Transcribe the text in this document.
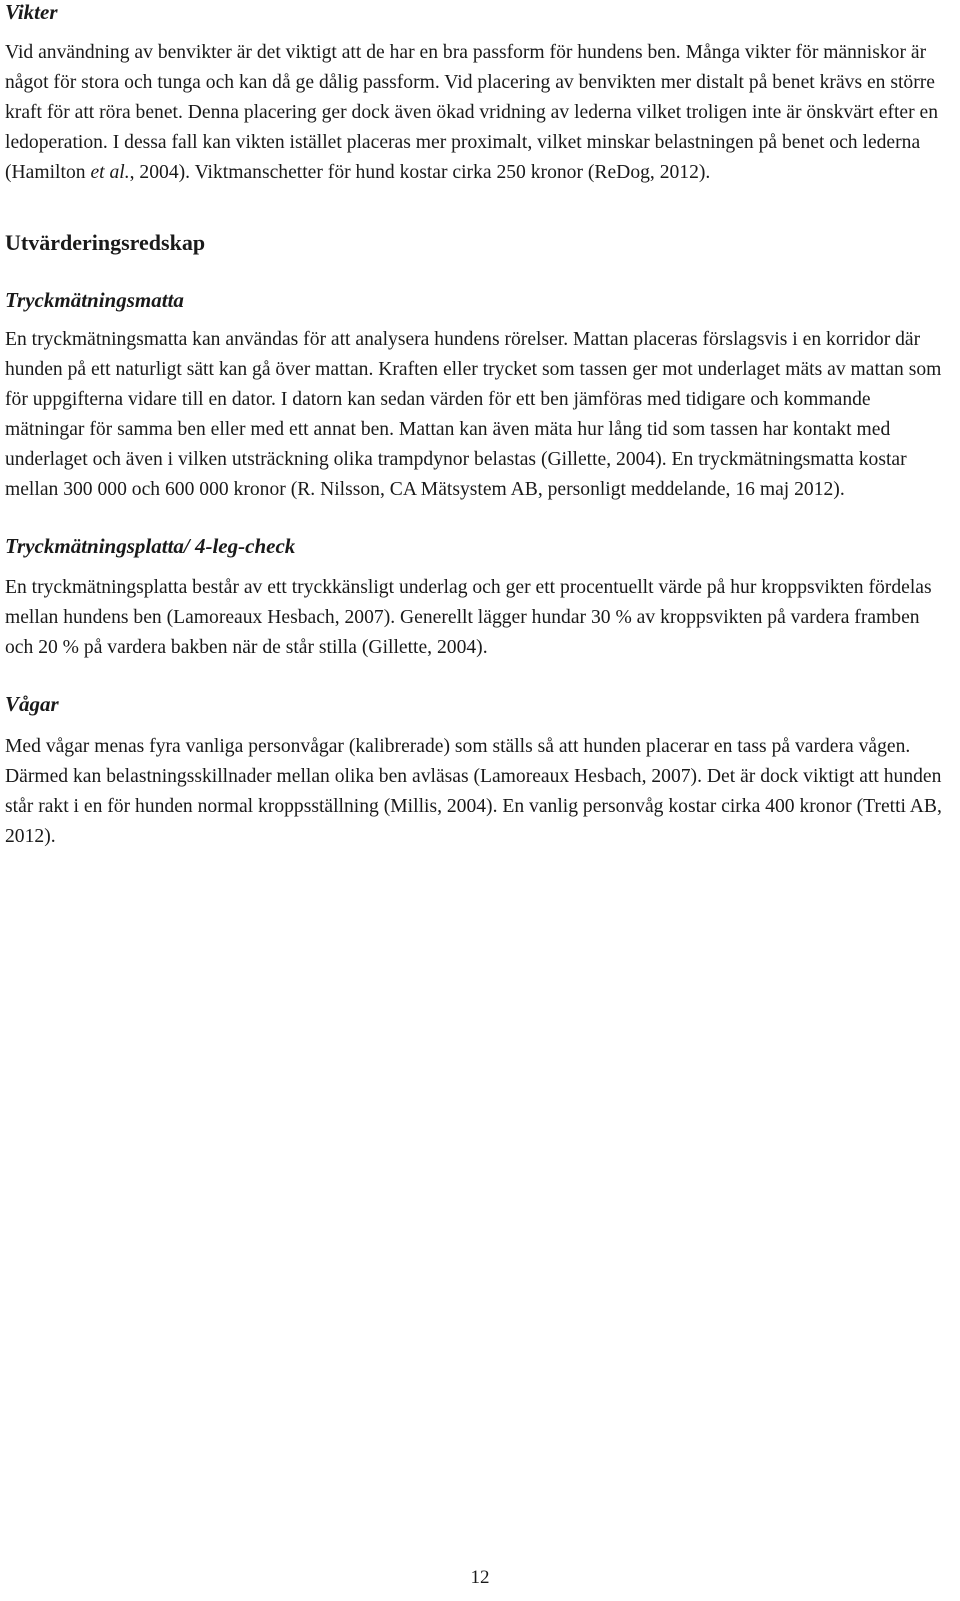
Vikter

Vid användning av benvikter är det viktigt att de har en bra passform för hundens ben. Många vikter för människor är något för stora och tunga och kan då ge dålig passform. Vid placering av benvikten mer distalt på benet krävs en större kraft för att röra benet. Denna placering ger dock även ökad vridning av lederna vilket troligen inte är önskvärt efter en ledoperation. I dessa fall kan vikten istället placeras mer proximalt, vilket minskar belastningen på benet och lederna (Hamilton et al., 2004). Viktmanschetter för hund kostar cirka 250 kronor (ReDog, 2012).

Utvärderingsredskap
Tryckmätningsmatta

En tryckmätningsmatta kan användas för att analysera hundens rörelser. Mattan placeras förslagsvis i en korridor där hunden på ett naturligt sätt kan gå över mattan. Kraften eller trycket som tassen ger mot underlaget mäts av mattan som för uppgifterna vidare till en dator. I datorn kan sedan värden för ett ben jämföras med tidigare och kommande mätningar för samma ben eller med ett annat ben. Mattan kan även mäta hur lång tid som tassen har kontakt med underlaget och även i vilken utsträckning olika trampdynor belastas (Gillette, 2004). En tryckmätningsmatta kostar mellan 300 000 och 600 000 kronor (R. Nilsson, CA Mätsystem AB, personligt meddelande, 16 maj 2012).

Tryckmätningsplatta/ 4-leg-check

En tryckmätningsplatta består av ett tryckkänsligt underlag och ger ett procentuellt värde på hur kroppsvikten fördelas mellan hundens ben (Lamoreaux Hesbach, 2007). Generellt lägger hundar 30 % av kroppsvikten på vardera framben och 20 % på vardera bakben när de står stilla (Gillette, 2004).

Vågar

Med vågar menas fyra vanliga personvågar (kalibrerade) som ställs så att hunden placerar en tass på vardera vågen. Därmed kan belastningsskillnader mellan olika ben avläsas (Lamoreaux Hesbach, 2007). Det är dock viktigt att hunden står rakt i en för hunden normal kroppsställning (Millis, 2004). En vanlig personvåg kostar cirka 400 kronor (Tretti AB, 2012).

12
